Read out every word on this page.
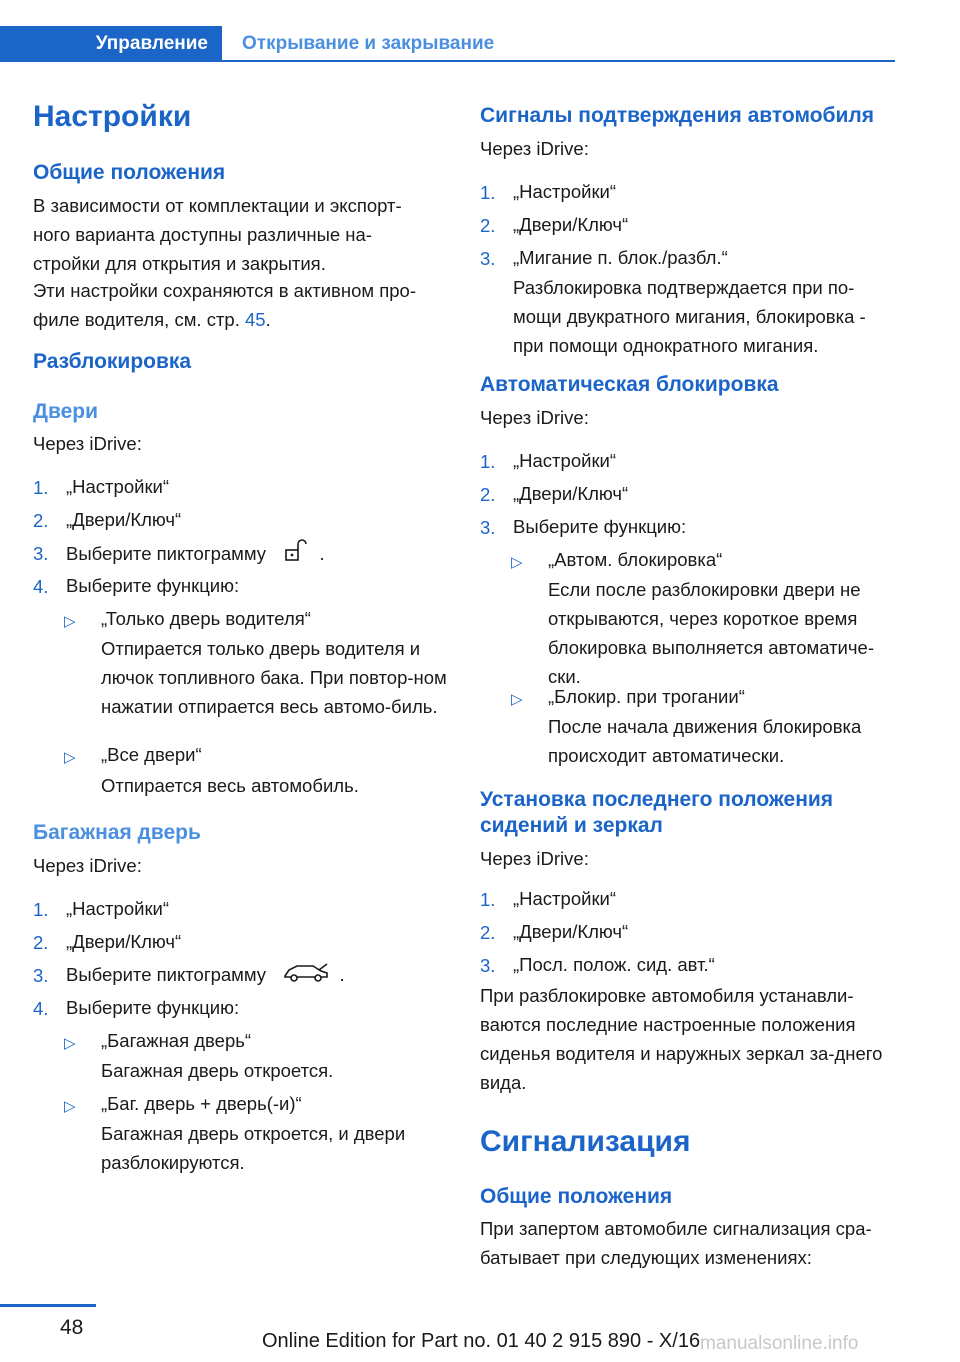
Управление	Открывание и закрывание
Настройки
Общие положения
В зависимости от комплектации и экспорт-ного варианта доступны различные на-стройки для открытия и закрытия.
Эти настройки сохраняются в активном про-филе водителя, см. стр. 45.
Разблокировка
Двери
Через iDrive:
1. „Настройки“
2. „Двери/Ключ“
3. Выберите пиктограмму	.
4. Выберите функцию:
▷ „Только дверь водителя“
Отпирается только дверь водителя и лючок топливного бака. При повтор-ном нажатии отпирается весь автомо-биль.
▷ „Все двери“
Отпирается весь автомобиль.
Багажная дверь
Через iDrive:
1. „Настройки“
2. „Двери/Ключ“
3. Выберите пиктограмму	.
4. Выберите функцию:
▷ „Багажная дверь“
Багажная дверь откроется.
▷ „Баг. дверь + дверь(-и)“
Багажная дверь откроется, и двери разблокируются.
Сигналы подтверждения автомобиля
Через iDrive:
1. „Настройки“
2. „Двери/Ключ“
3. „Мигание п. блок./разбл.“
Разблокировка подтверждается при по-мощи двукратного мигания, блокировка - при помощи однократного мигания.
Автоматическая блокировка
Через iDrive:
1. „Настройки“
2. „Двери/Ключ“
3. Выберите функцию:
▷ „Автом. блокировка“
Если после разблокировки двери не открываются, через короткое время блокировка выполняется автоматиче-ски.
▷ „Блокир. при трогании“
После начала движения блокировка происходит автоматически.
Установка последнего положения
сидений и зеркал
Через iDrive:
1. „Настройки“
2. „Двери/Ключ“
3. „Посл. полож. сид. авт.“
При разблокировке автомобиля устанавли-ваются последние настроенные положения сиденья водителя и наружных зеркал за-днего вида.
Сигнализация
Общие положения
При запертом автомобиле сигнализация сра-батывает при следующих изменениях:
48
Online Edition for Part no. 01 40 2 915 890 - X/16 manualsonline.info
